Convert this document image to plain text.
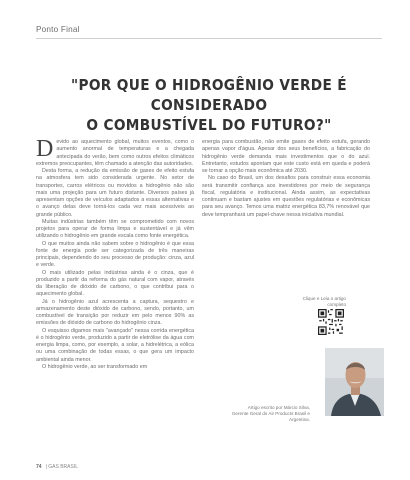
Ponto Final
"POR QUE O HIDROGÊNIO VERDE É CONSIDERADO
O COMBUSTÍVEL DO FUTURO?"

Devido ao aquecimento global, muitos eventos, como o aumento anormal de temperaturas e a chegada antecipada do verão, bem como outros efeitos climáticos extremos preocupantes, têm chamado a atenção das autoridades.

Desta forma, a redução da emissão de gases de efeito estufa na atmosfera tem sido considerada urgente. No setor de transportes, carros elétricos ou movidos a hidrogênio não são mais uma projeção para um futuro distante. Diversos países já apresentam opções de veículos adaptados a essas alternativas e o avanço delas deve torná-los cada vez mais acessíveis ao grande público.

Muitas indústrias também têm se comprometido com novos projetos para operar de forma limpa e sustentável e já vêm utilizando o hidrogênio em grande escala como fonte energética.

O que muitos ainda não sabem sobre o hidrogênio é que essa fonte de energia pode ser categorizada de três maneiras principais, dependendo do seu processo de produção: cinza, azul e verde.

O mais utilizado pelas indústrias ainda é o cinza, que é produzido a partir da reforma do gás natural com vapor, através da liberação de dióxido de carbono, o que contribui para o aquecimento global.

Já o hidrogênio azul acrescenta a captura, sequestro e armazenamento deste dióxido de carbono, sendo, portanto, um combustível de transição por reduzir em pelo menos 90% as emissões de dióxido de carbono do hidrogênio cinza.

O esquisso digamos mais "avançado" nessa corrida energética é o hidrogênio verde, produzido a partir de eletrólise da água com energia limpa, como, por exemplo, a solar, a hidrelétrica, a eólica ou uma combinação de todas essas, o que gera um impacto ambiental ainda menor.

O hidrogênio verde, ao ser transformado em

energia para combustão, não emite gases de efeito estufa, gerando apenas vapor d'água. Apesar dos seus benefícios, a fabricação do hidrogênio verde demanda mais investimentos que o do azul. Entretanto, estudos apontam que este custo está em queda e poderá se tornar a opção mais econômica até 2030.

No caso do Brasil, um dos desafios para construir essa economia será transmitir confiança aos investidores por meio de segurança fiscal, regulatória e institucional. Ainda assim, as expectativas continuam e bastam ajustes em questões regulatórias e econômicas para seu avanço. Temos uma matriz energética 83,7% renovável que deve tempranhará um papel-chave nessa iniciativa mundial.

Clique e Leia o artigo completo
Artigo escrito por Márcio Silva, Gerente Geral do Air Products Brasil e Argentina.
74 | GAS BRASIL
